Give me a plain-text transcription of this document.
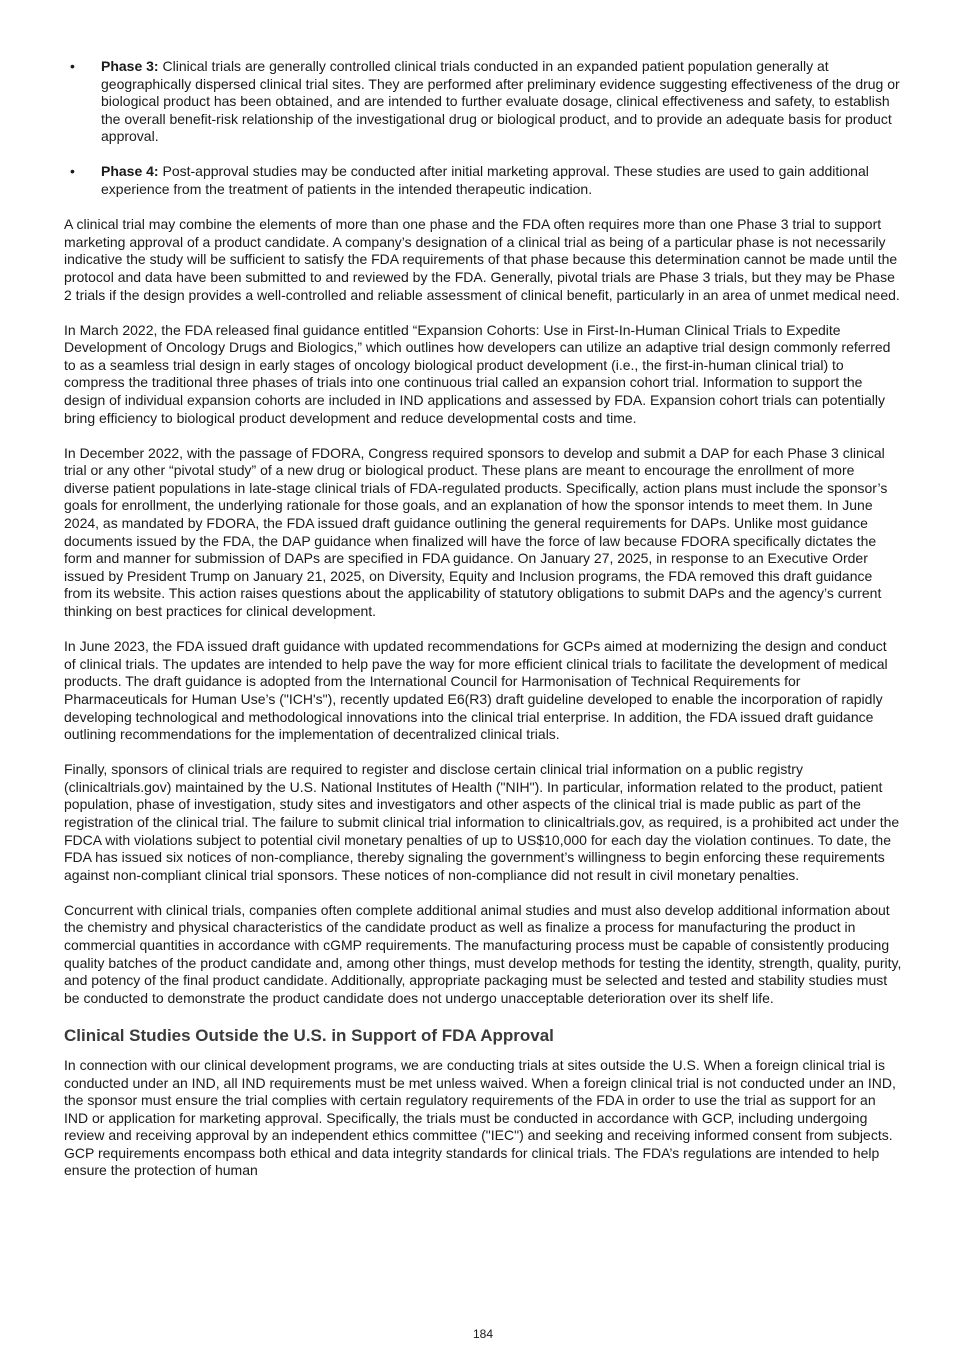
• Phase 3: Clinical trials are generally controlled clinical trials conducted in an expanded patient population generally at geographically dispersed clinical trial sites. They are performed after preliminary evidence suggesting effectiveness of the drug or biological product has been obtained, and are intended to further evaluate dosage, clinical effectiveness and safety, to establish the overall benefit-risk relationship of the investigational drug or biological product, and to provide an adequate basis for product approval.
• Phase 4: Post-approval studies may be conducted after initial marketing approval. These studies are used to gain additional experience from the treatment of patients in the intended therapeutic indication.

A clinical trial may combine the elements of more than one phase and the FDA often requires more than one Phase 3 trial to support marketing approval of a product candidate. A company’s designation of a clinical trial as being of a particular phase is not necessarily indicative the study will be sufficient to satisfy the FDA requirements of that phase because this determination cannot be made until the protocol and data have been submitted to and reviewed by the FDA. Generally, pivotal trials are Phase 3 trials, but they may be Phase 2 trials if the design provides a well-controlled and reliable assessment of clinical benefit, particularly in an area of unmet medical need.

In March 2022, the FDA released final guidance entitled “Expansion Cohorts: Use in First-In-Human Clinical Trials to Expedite Development of Oncology Drugs and Biologics,” which outlines how developers can utilize an adaptive trial design commonly referred to as a seamless trial design in early stages of oncology biological product development (i.e., the first-in-human clinical trial) to compress the traditional three phases of trials into one continuous trial called an expansion cohort trial. Information to support the design of individual expansion cohorts are included in IND applications and assessed by FDA. Expansion cohort trials can potentially bring efficiency to biological product development and reduce developmental costs and time.

In December 2022, with the passage of FDORA, Congress required sponsors to develop and submit a DAP for each Phase 3 clinical trial or any other “pivotal study” of a new drug or biological product. These plans are meant to encourage the enrollment of more diverse patient populations in late-stage clinical trials of FDA-regulated products. Specifically, action plans must include the sponsor’s goals for enrollment, the underlying rationale for those goals, and an explanation of how the sponsor intends to meet them. In June 2024, as mandated by FDORA, the FDA issued draft guidance outlining the general requirements for DAPs. Unlike most guidance documents issued by the FDA, the DAP guidance when finalized will have the force of law because FDORA specifically dictates the form and manner for submission of DAPs are specified in FDA guidance. On January 27, 2025, in response to an Executive Order issued by President Trump on January 21, 2025, on Diversity, Equity and Inclusion programs, the FDA removed this draft guidance from its website. This action raises questions about the applicability of statutory obligations to submit DAPs and the agency’s current thinking on best practices for clinical development.

In June 2023, the FDA issued draft guidance with updated recommendations for GCPs aimed at modernizing the design and conduct of clinical trials. The updates are intended to help pave the way for more efficient clinical trials to facilitate the development of medical products. The draft guidance is adopted from the International Council for Harmonisation of Technical Requirements for Pharmaceuticals for Human Use’s ("ICH's"), recently updated E6(R3) draft guideline developed to enable the incorporation of rapidly developing technological and methodological innovations into the clinical trial enterprise. In addition, the FDA issued draft guidance outlining recommendations for the implementation of decentralized clinical trials.

Finally, sponsors of clinical trials are required to register and disclose certain clinical trial information on a public registry (clinicaltrials.gov) maintained by the U.S. National Institutes of Health ("NIH"). In particular, information related to the product, patient population, phase of investigation, study sites and investigators and other aspects of the clinical trial is made public as part of the registration of the clinical trial. The failure to submit clinical trial information to clinicaltrials.gov, as required, is a prohibited act under the FDCA with violations subject to potential civil monetary penalties of up to US$10,000 for each day the violation continues. To date, the FDA has issued six notices of non-compliance, thereby signaling the government’s willingness to begin enforcing these requirements against non-compliant clinical trial sponsors. These notices of non-compliance did not result in civil monetary penalties.

Concurrent with clinical trials, companies often complete additional animal studies and must also develop additional information about the chemistry and physical characteristics of the candidate product as well as finalize a process for manufacturing the product in commercial quantities in accordance with cGMP requirements. The manufacturing process must be capable of consistently producing quality batches of the product candidate and, among other things, must develop methods for testing the identity, strength, quality, purity, and potency of the final product candidate. Additionally, appropriate packaging must be selected and tested and stability studies must be conducted to demonstrate the product candidate does not undergo unacceptable deterioration over its shelf life.

Clinical Studies Outside the U.S. in Support of FDA Approval

In connection with our clinical development programs, we are conducting trials at sites outside the U.S. When a foreign clinical trial is conducted under an IND, all IND requirements must be met unless waived. When a foreign clinical trial is not conducted under an IND, the sponsor must ensure the trial complies with certain regulatory requirements of the FDA in order to use the trial as support for an IND or application for marketing approval. Specifically, the trials must be conducted in accordance with GCP, including undergoing review and receiving approval by an independent ethics committee ("IEC") and seeking and receiving informed consent from subjects. GCP requirements encompass both ethical and data integrity standards for clinical trials. The FDA’s regulations are intended to help ensure the protection of human

184
